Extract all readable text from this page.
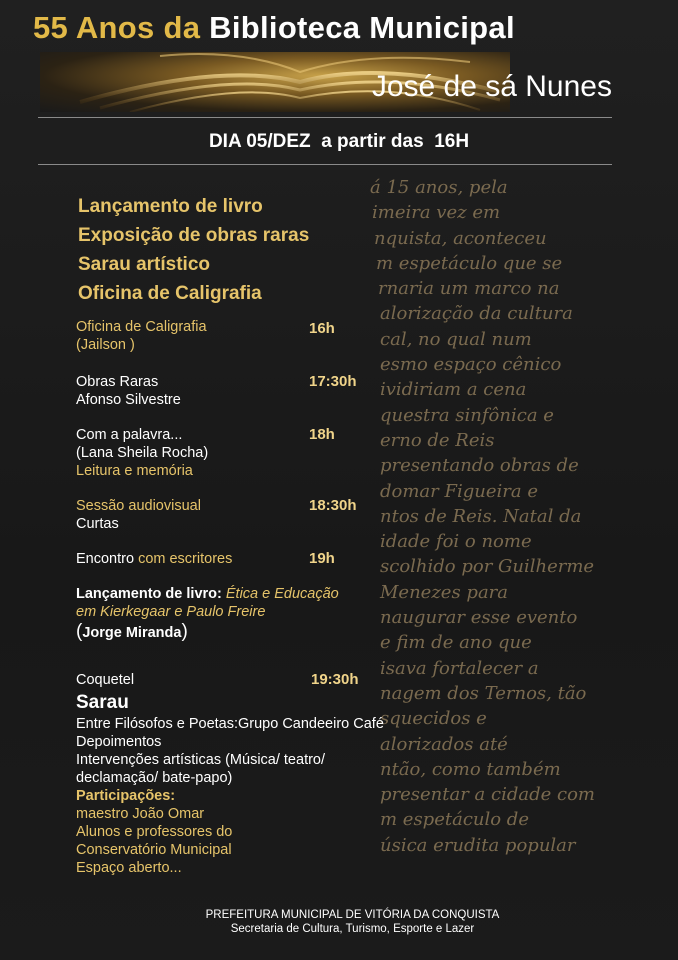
55 Anos da Biblioteca Municipal
José de sá Nunes
DIA 05/DEZ  a partir das  16H
á 15 anos, pela
imeira vez em
nquista, aconteceu
m espetáculo que se
rnaria um marco na
alorização da cultura
cal, no qual num
esmo espaço cênico
ividiriam a cena
questra sinfônica e
erno de Reis
presentando obras de
domar Figueira e
ntos de Reis. Natal da
idade foi o nome
scolhido por Guilherme
Menezes para
naugurar esse evento
e fim de ano que
isava fortalecer a
nagem dos Ternos, tão
squecidos e
alorizados até
ntão, como também
presentar a cidade com
m espetáculo de
úsica erudita popular
Lançamento de livro
Exposição de obras raras
Sarau artístico
Oficina de Caligrafia
Oficina de Caligrafia
(Jailson )
16h
Obras Raras
Afonso Silvestre
17:30h
Com a palavra...
(Lana Sheila Rocha)
Leitura e memória
18h
Sessão audiovisual
Curtas
18:30h
Encontro com escritores	19h
Lançamento de livro: Ética e Educação
em Kierkegaar e Paulo Freire
(Jorge Miranda)
Coquetel	19:30h
Sarau
Entre Filósofos e Poetas:Grupo Candeeiro Café
Depoimentos
Intervenções artísticas (Música/ teatro/
declamação/ bate-papo)
Participações:
maestro João Omar
Alunos e professores do
Conservatório Municipal
Espaço aberto...
PREFEITURA MUNICIPAL DE VITÓRIA DA CONQUISTA
Secretaria de Cultura, Turismo, Esporte e Lazer
